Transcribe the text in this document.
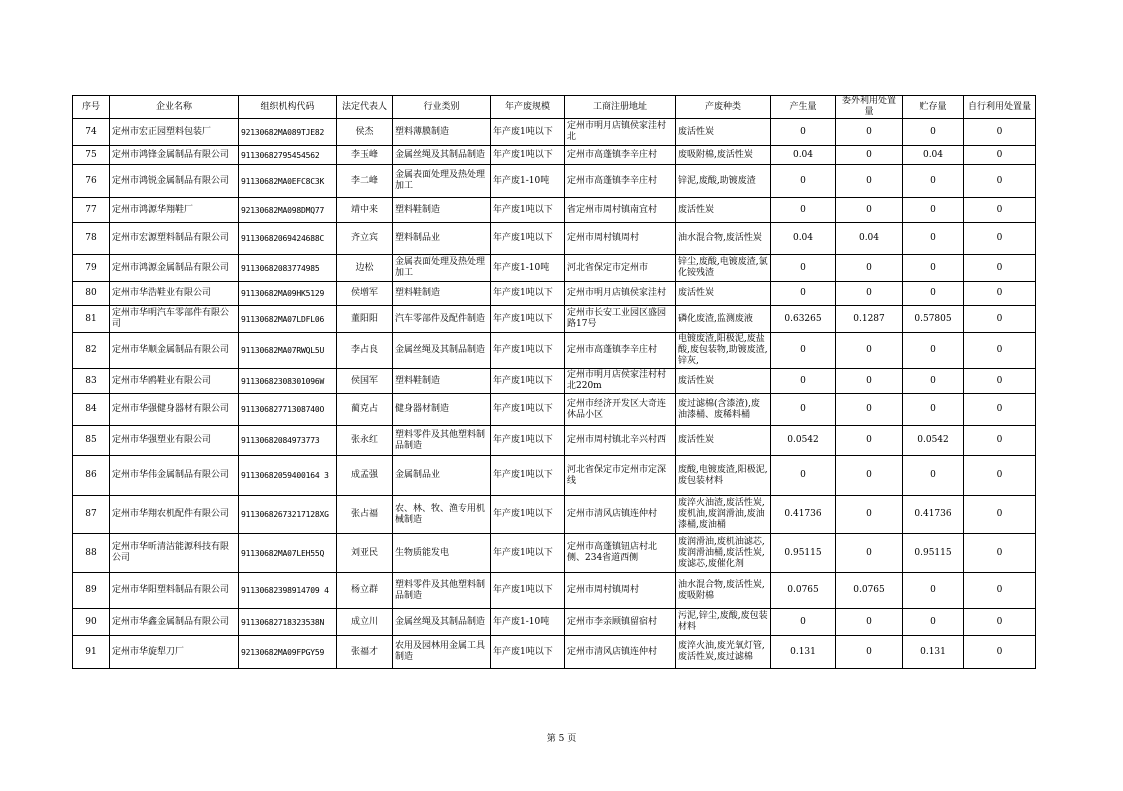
序号	企业名称	组织机构代码	法定代表人	行业类别	年产废规模	工商注册地址	产废种类	产生量	委外利用处置量	贮存量	自行利用处置量
74	定州市宏正园塑料包装厂	92130682MA089TJE82	侯杰	塑料薄膜制造	年产废1吨以下	定州市明月店镇侯家洼村北	废活性炭	0	0	0	0
75	定州市鸿锋金属制品有限公司	91130682795454562	李玉峰	金属丝绳及其制品制造	年产废1吨以下	定州市高蓬镇李辛庄村	废吸附棉,废活性炭	0.04	0	0.04	0
76	定州市鸿锐金属制品有限公司	91130682MA0EFC8C3K	李二峰	金属表面处理及热处理加工	年产废1-10吨	定州市高蓬镇李辛庄村	锌泥,废酸,助镀废渣	0	0	0	0
77	定州市鸿源华翔鞋厂	92130682MA098DMQ77	靖中来	塑料鞋制造	年产废1吨以下	省定州市周村镇南宜村	废活性炭	0	0	0	0
78	定州市宏源塑料制品有限公司	91130682069424688C	齐立宾	塑料制品业	年产废1吨以下	定州市周村镇周村	油水混合物,废活性炭	0.04	0.04	0	0
79	定州市鸿源金属制品有限公司	91130682083774985	边松	金属表面处理及热处理加工	年产废1-10吨	河北省保定市定州市	锌尘,废酸,电镀废渣,氯化铵残渣	0	0	0	0
80	定州市华浩鞋业有限公司	91130682MA09HK5129	侯增军	塑料鞋制造	年产废1吨以下	定州市明月店镇侯家洼村	废活性炭	0	0	0	0
81	定州市华明汽车零部件有限公司	91130682MA07LDFL06	董阳阳	汽车零部件及配件制造	年产废1吨以下	定州市长安工业园区盛园路17号	磷化废渣,监测废液	0.63265	0.1287	0.57805	0
82	定州市华顺金属制品有限公司	91130682MA07RWQL5U	李占良	金属丝绳及其制品制造	年产废1吨以下	定州市高蓬镇李辛庄村	电镀废渣,阳极泥,废盐酸,废包装物,助镀废渣,锌灰,	0	0	0	0
83	定州市华鸥鞋业有限公司	91130682308301096W	侯国军	塑料鞋制造	年产废1吨以下	定州市明月店侯家洼村村北220m	废活性炭	0	0	0	0
84	定州市华强健身器材有限公司	91130682771308740O	蔺克占	健身器材制造	年产废1吨以下	定州市经济开发区大奇连休品小区	废过滤棉(含漆渣),废油漆桶、废稀料桶	0	0	0	0
85	定州市华强塑业有限公司	91130682084973773	张永红	塑料零件及其他塑料制品制造	年产废1吨以下	定州市周村镇北辛兴村西	废活性炭	0.0542	0	0.0542	0
86	定州市华伟金属制品有限公司	91130682059400164 3	成孟强	金属制品业	年产废1吨以下	河北省保定市定州市定深线	废酸,电镀废渣,阳极泥,废包装材料	0	0	0	0
87	定州市华翔农机配件有限公司	91130682673217128XG	张占福	农、林、牧、渔专用机械制造	年产废1吨以下	定州市清风店镇连仲村	废淬火油渣,废活性炭,废机油,废润滑油,废油漆桶,废油桶	0.41736	0	0.41736	0
88	定州市华昕清洁能源科技有限公司	91130682MA07LEH55Q	刘亚民	生物质能发电	年产废1吨以下	定州市高蓬镇钮店村北侧、234省道西侧	废润滑油,废机油滤芯,废润滑油桶,废活性炭,废滤芯,废催化剂	0.95115	0	0.95115	0
89	定州市华阳塑料制品有限公司	91130682398914709 4	杨立群	塑料零件及其他塑料制品制造	年产废1吨以下	定州市周村镇周村	油水混合物,废活性炭,废吸附棉	0.0765	0.0765	0	0
90	定州市华鑫金属制品有限公司	91130682718323538N	成立川	金属丝绳及其制品制造	年产废1-10吨	定州市李亲顾镇留宿村	污泥,锌尘,废酸,废包装材料	0	0	0	0
91	定州市华旋犁刀厂	92130682MA09FPGY59	张福才	农用及园林用金属工具制造	年产废1吨以下	定州市清风店镇连仲村	废淬火油,废光氧灯管,废活性炭,废过滤棉	0.131	0	0.131	0
第 5 页
